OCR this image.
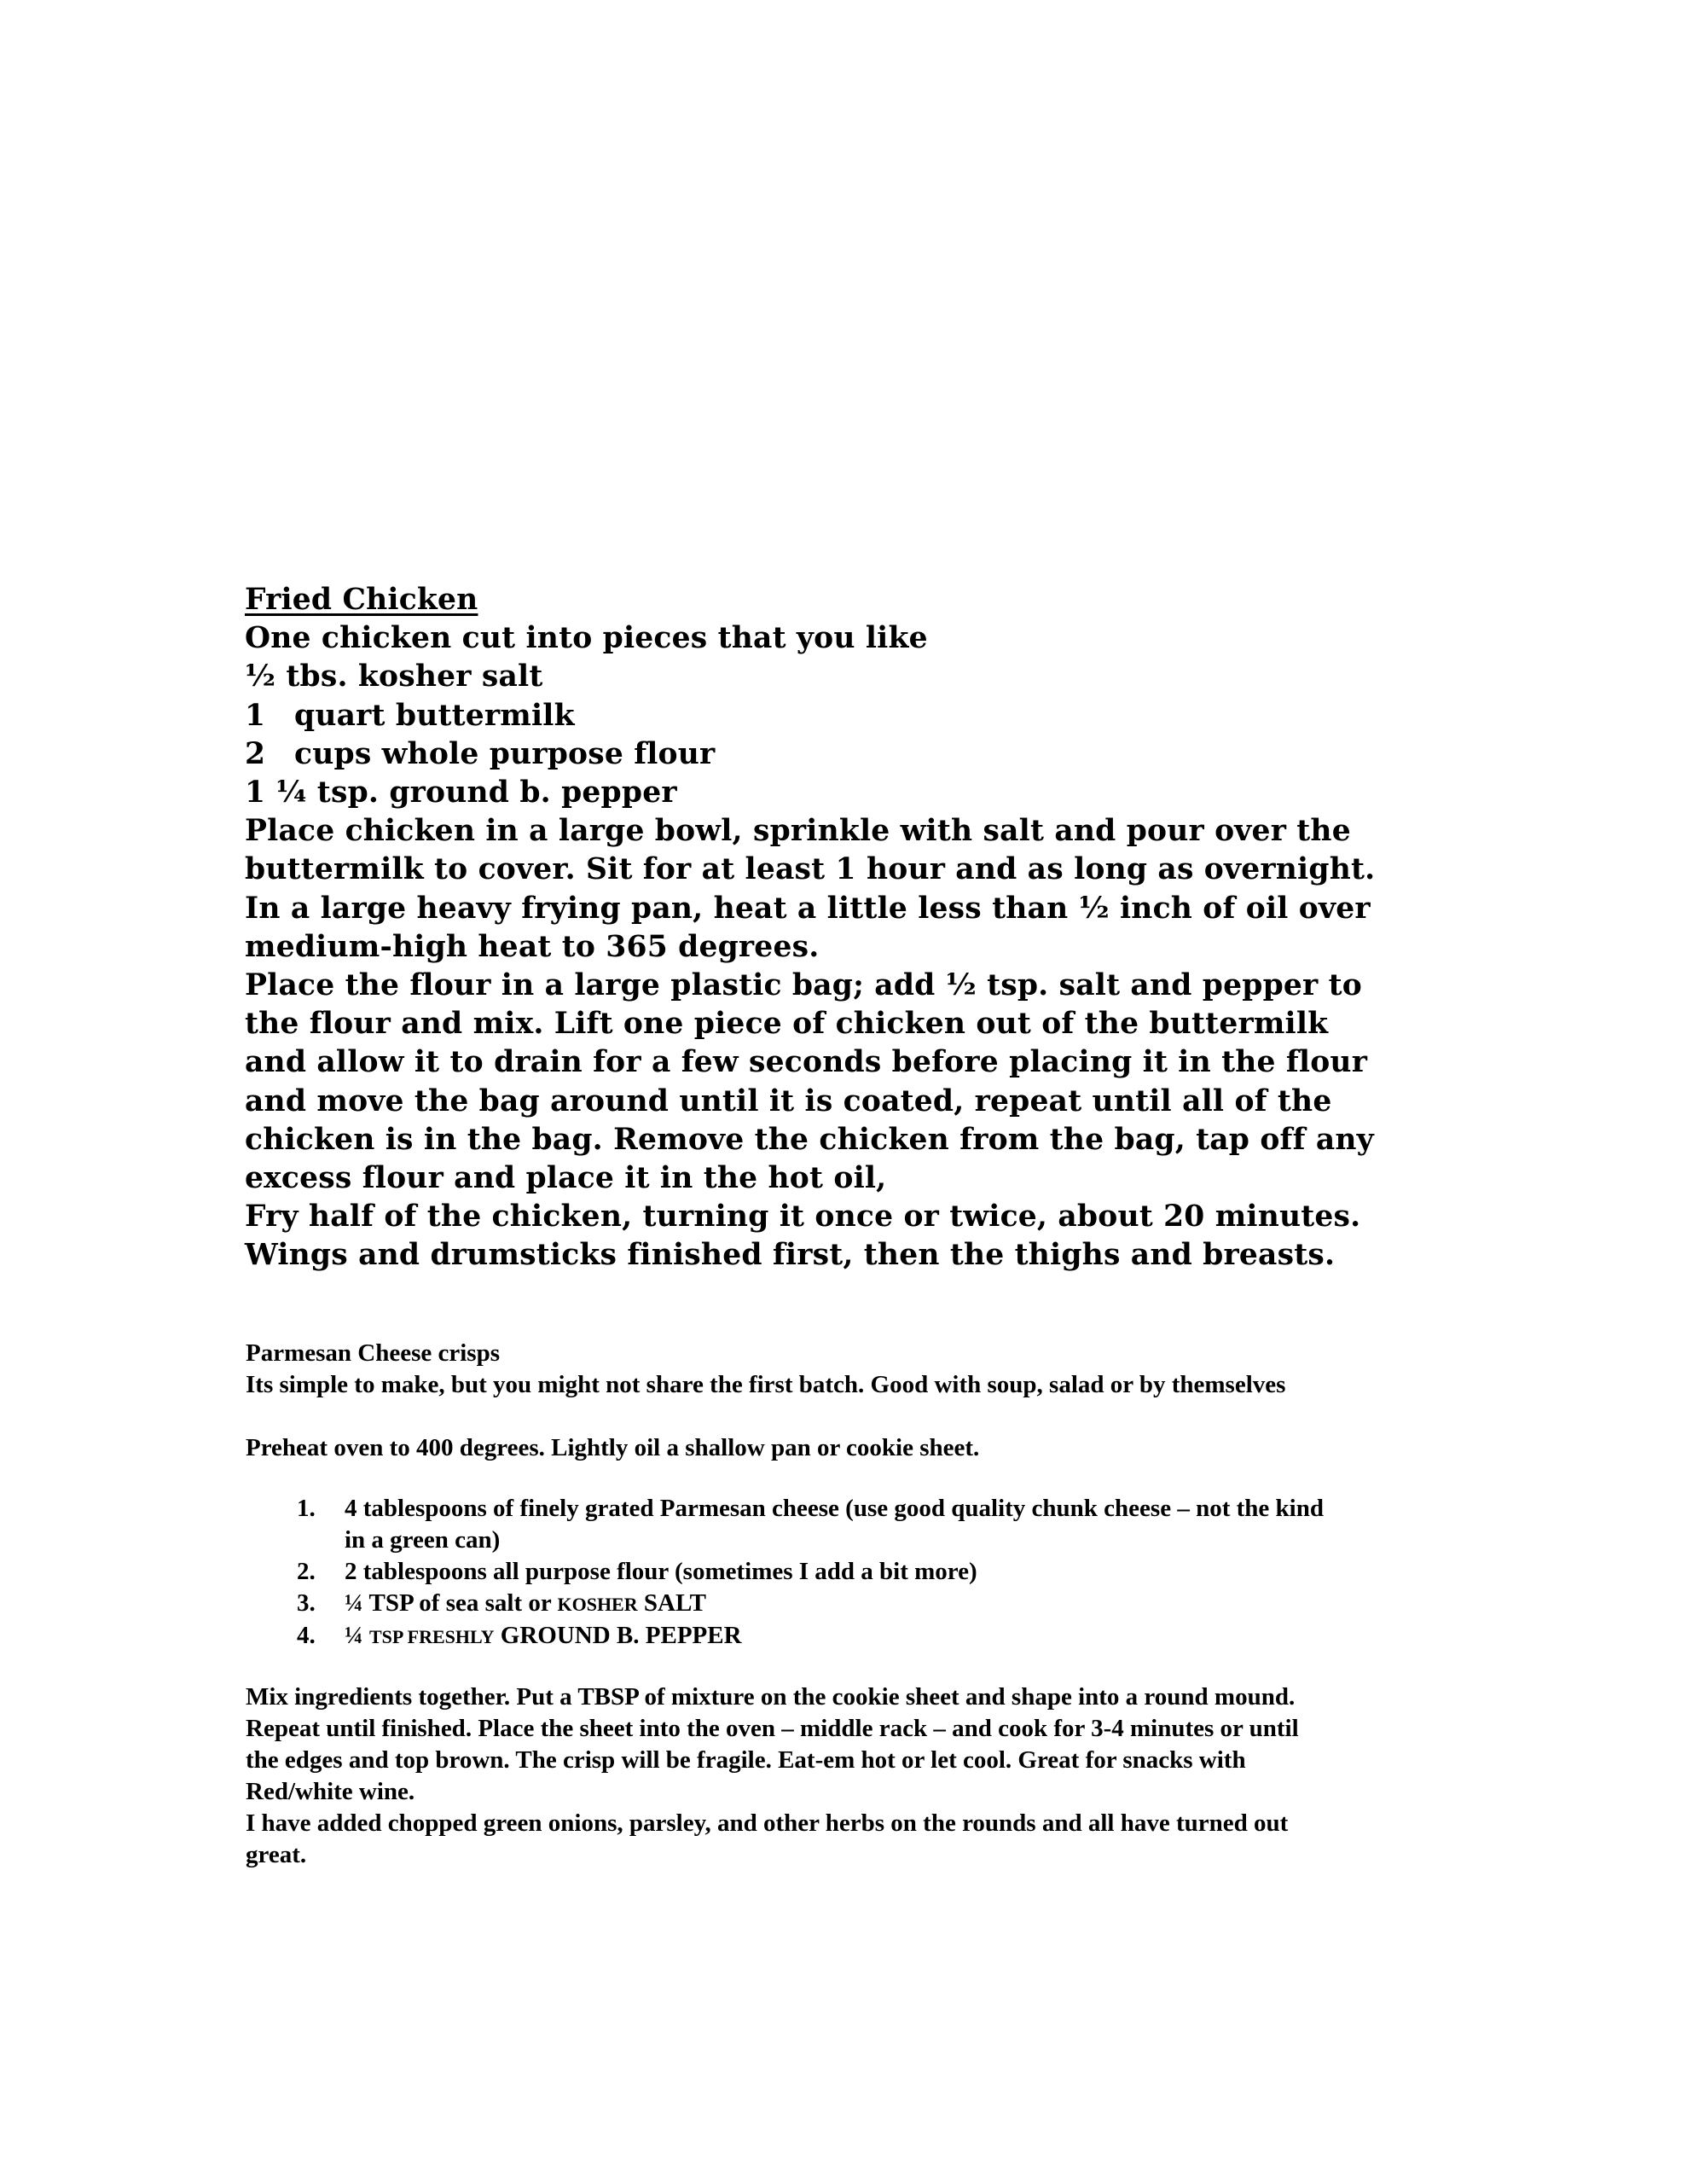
Fried Chicken
One chicken cut into pieces that you like
½ tbs. kosher salt
1 quart buttermilk
2 cups whole purpose flour
1 ¼ tsp. ground b. pepper
Place chicken in a large bowl, sprinkle with salt and pour over the
buttermilk to cover. Sit for at least 1 hour and as long as overnight.
In a large heavy frying pan, heat a little less than ½ inch of oil over
medium-high heat to 365 degrees.
Place the flour in a large plastic bag; add ½ tsp. salt and pepper to
the flour and mix. Lift one piece of chicken out of the buttermilk
and allow it to drain for a few seconds before placing it in the flour
and move the bag around until it is coated, repeat until all of the
chicken is in the bag. Remove the chicken from the bag, tap off any
excess flour and place it in the hot oil,
Fry half of the chicken, turning it once or twice, about 20 minutes.
Wings and drumsticks finished first, then the thighs and breasts.
Parmesan Cheese crisps
Its simple to make, but you might not share the first batch. Good with soup, salad or by themselves
Preheat oven to 400 degrees. Lightly oil a shallow pan or cookie sheet.
1. 4 tablespoons of finely grated Parmesan cheese (use good quality chunk cheese – not the kind
in a green can)
2. 2 tablespoons all purpose flour (sometimes I add a bit more)
3. ¼ TSP of sea salt or KOSHER SALT
4. ¼ TSP FRESHLY GROUND B. PEPPER
Mix ingredients together. Put a TBSP of mixture on the cookie sheet and shape into a round mound.
Repeat until finished. Place the sheet into the oven – middle rack – and cook for 3-4 minutes or until
the edges and top brown. The crisp will be fragile. Eat-em hot or let cool. Great for snacks with
Red/white wine.
I have added chopped green onions, parsley, and other herbs on the rounds and all have turned out
great.
